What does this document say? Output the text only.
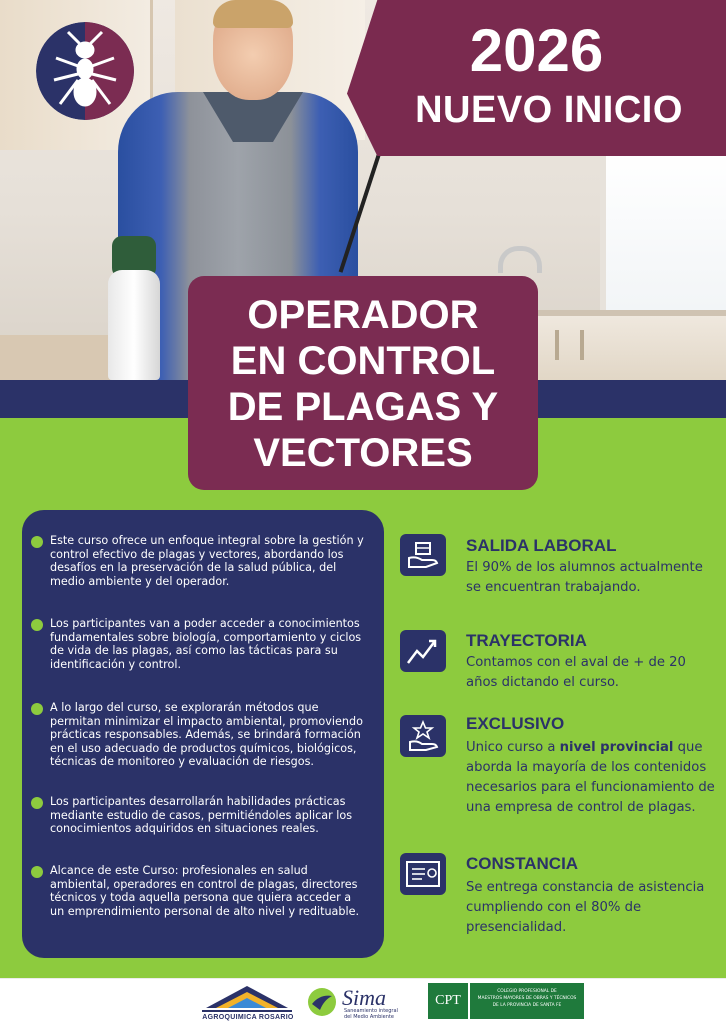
2026
NUEVO INICIO
OPERADOR
EN CONTROL
DE PLAGAS Y
VECTORES
Este curso ofrece un enfoque integral sobre la gestión y control efectivo de plagas y vectores, abordando los desafíos en la preservación de la salud pública, del medio ambiente y del operador.
Los participantes van a poder acceder a conocimientos fundamentales sobre biología, comportamiento y ciclos de vida de las plagas, así como las tácticas para su identificación y control.
A lo largo del curso, se explorarán métodos que permitan minimizar el impacto ambiental, promoviendo prácticas responsables. Además, se brindará formación en el uso adecuado de productos químicos, biológicos, técnicas de monitoreo y evaluación de riesgos.
Los participantes desarrollarán habilidades prácticas mediante estudio de casos, permitiéndoles aplicar los conocimientos adquiridos en situaciones reales.
Alcance de este Curso: profesionales en salud ambiental, operadores en control de plagas, directores técnicos y toda aquella persona que quiera acceder a un emprendimiento personal de alto nivel y redituable.
SALIDA LABORAL
El 90% de los alumnos actualmente se encuentran trabajando.
TRAYECTORIA
Contamos con el aval de + de 20 años dictando el curso.
EXCLUSIVO
Unico curso a nivel provincial que aborda la mayoría de los contenidos necesarios para el funcionamiento de una empresa de control de plagas.
CONSTANCIA
Se entrega constancia de asistencia cumpliendo con el 80% de presencialidad.
AGROQUIMICA ROSARIO
Sima
Saneamiento integral del Medio Ambiente
CPT
COLEGIO PROFESIONAL DE
MAESTROS MAYORES DE OBRAS Y TÉCNICOS
DE LA PROVINCIA DE SANTA FE
